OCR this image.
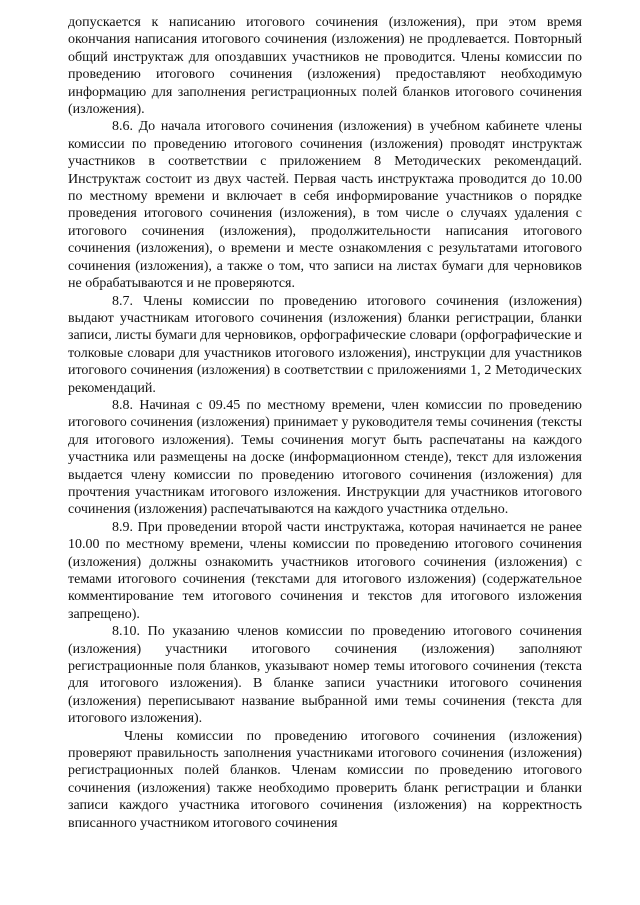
допускается к написанию итогового сочинения (изложения), при этом время окончания написания итогового сочинения (изложения) не продлевается. Повторный общий инструктаж для опоздавших участников не проводится. Члены комиссии по проведению итогового сочинения (изложения) предоставляют необходимую информацию для заполнения регистрационных полей бланков итогового сочинения (изложения).

8.6. До начала итогового сочинения (изложения) в учебном кабинете члены комиссии по проведению итогового сочинения (изложения) проводят инструктаж участников в соответствии с приложением 8 Методических рекомендаций. Инструктаж состоит из двух частей. Первая часть инструктажа проводится до 10.00 по местному времени и включает в себя информирование участников о порядке проведения итогового сочинения (изложения), в том числе о случаях удаления с итогового сочинения (изложения), продолжительности написания итогового сочинения (изложения), о времени и месте ознакомления с результатами итогового сочинения (изложения), а также о том, что записи на листах бумаги для черновиков не обрабатываются и не проверяются.

8.7. Члены комиссии по проведению итогового сочинения (изложения) выдают участникам итогового сочинения (изложения) бланки регистрации, бланки записи, листы бумаги для черновиков, орфографические словари (орфографические и толковые словари для участников итогового изложения), инструкции для участников итогового сочинения (изложения) в соответствии с приложениями 1, 2 Методических рекомендаций.

8.8. Начиная с 09.45 по местному времени, член комиссии по проведению итогового сочинения (изложения) принимает у руководителя темы сочинения (тексты для итогового изложения). Темы сочинения могут быть распечатаны на каждого участника или размещены на доске (информационном стенде), текст для изложения выдается члену комиссии по проведению итогового сочинения (изложения) для прочтения участникам итогового изложения. Инструкции для участников итогового сочинения (изложения) распечатываются на каждого участника отдельно.

8.9. При проведении второй части инструктажа, которая начинается не ранее 10.00 по местному времени, члены комиссии по проведению итогового сочинения (изложения) должны ознакомить участников итогового сочинения (изложения) с темами итогового сочинения (текстами для итогового изложения) (содержательное комментирование тем итогового сочинения и текстов для итогового изложения запрещено).

8.10. По указанию членов комиссии по проведению итогового сочинения (изложения) участники итогового сочинения (изложения) заполняют регистрационные поля бланков, указывают номер темы итогового сочинения (текста для итогового изложения). В бланке записи участники итогового сочинения (изложения) переписывают название выбранной ими темы сочинения (текста для итогового изложения).

Члены комиссии по проведению итогового сочинения (изложения) проверяют правильность заполнения участниками итогового сочинения (изложения) регистрационных полей бланков. Членам комиссии по проведению итогового сочинения (изложения) также необходимо проверить бланк регистрации и бланки записи каждого участника итогового сочинения (изложения) на корректность вписанного участником итогового сочинения
